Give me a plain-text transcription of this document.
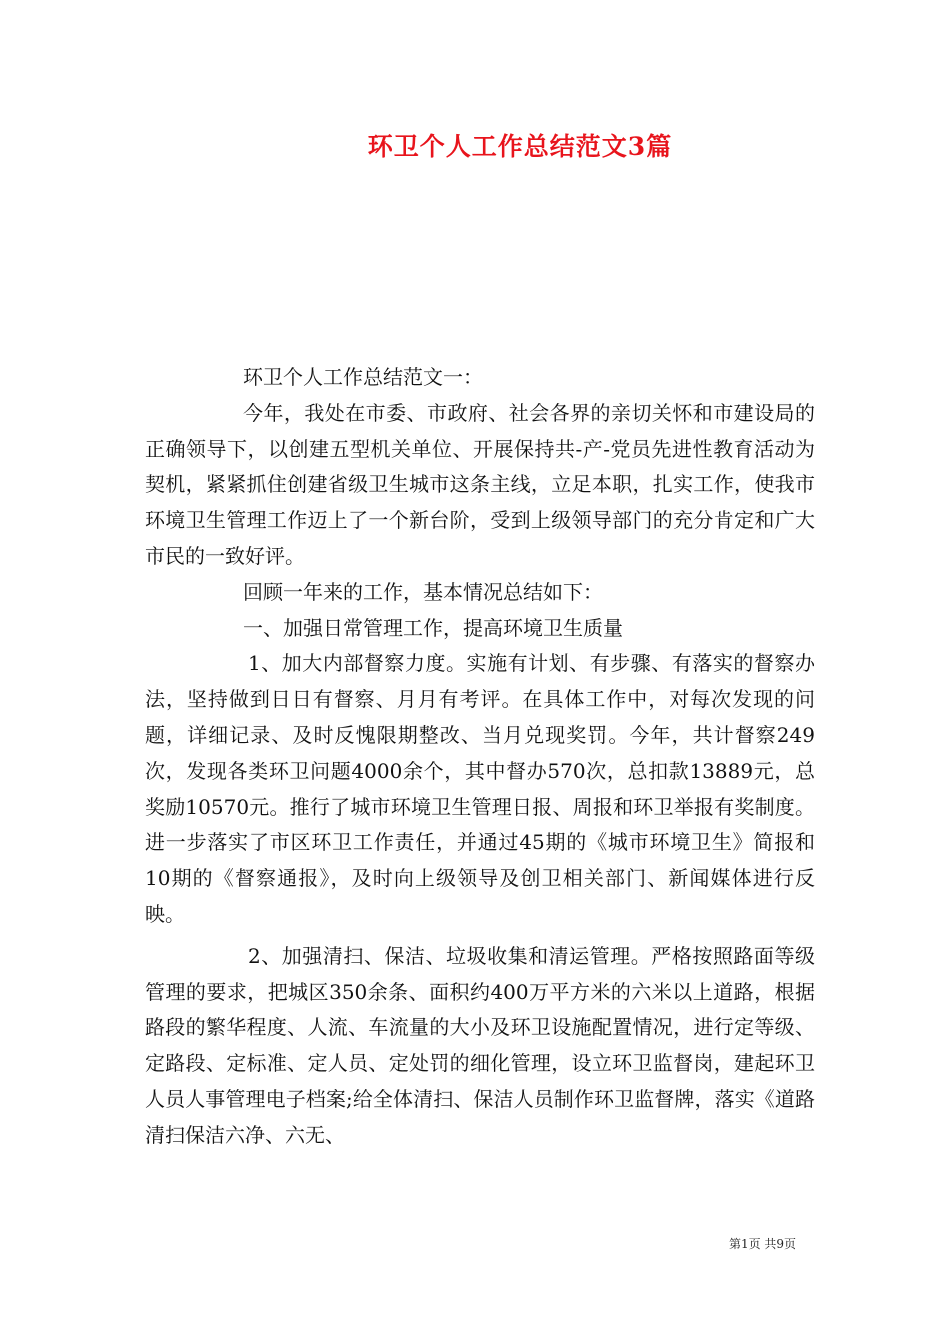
环卫个人工作总结范文3篇

环卫个人工作总结范文一：

今年，我处在市委、市政府、社会各界的亲切关怀和市建设局的正确领导下，以创建五型机关单位、开展保持共-产-党员先进性教育活动为契机，紧紧抓住创建省级卫生城市这条主线，立足本职，扎实工作，使我市环境卫生管理工作迈上了一个新台阶，受到上级领导部门的充分肯定和广大市民的一致好评。

回顾一年来的工作，基本情况总结如下：

一、加强日常管理工作，提高环境卫生质量

1、加大内部督察力度。实施有计划、有步骤、有落实的督察办法，坚持做到日日有督察、月月有考评。在具体工作中，对每次发现的问题，详细记录、及时反愧限期整改、当月兑现奖罚。今年，共计督察249次，发现各类环卫问题4000余个，其中督办570次，总扣款13889元，总奖励10570元。推行了城市环境卫生管理日报、周报和环卫举报有奖制度。进一步落实了市区环卫工作责任，并通过45期的《城市环境卫生》简报和10期的《督察通报》，及时向上级领导及创卫相关部门、新闻媒体进行反映。

2、加强清扫、保洁、垃圾收集和清运管理。严格按照路面等级管理的要求，把城区350余条、面积约400万平方米的六米以上道路，根据路段的繁华程度、人流、车流量的大小及环卫设施配置情况，进行定等级、定路段、定标准、定人员、定处罚的细化管理，设立环卫监督岗，建起环卫人员人事管理电子档案;给全体清扫、保洁人员制作环卫监督牌，落实《道路清扫保洁六净、六无、

第1页 共9页
